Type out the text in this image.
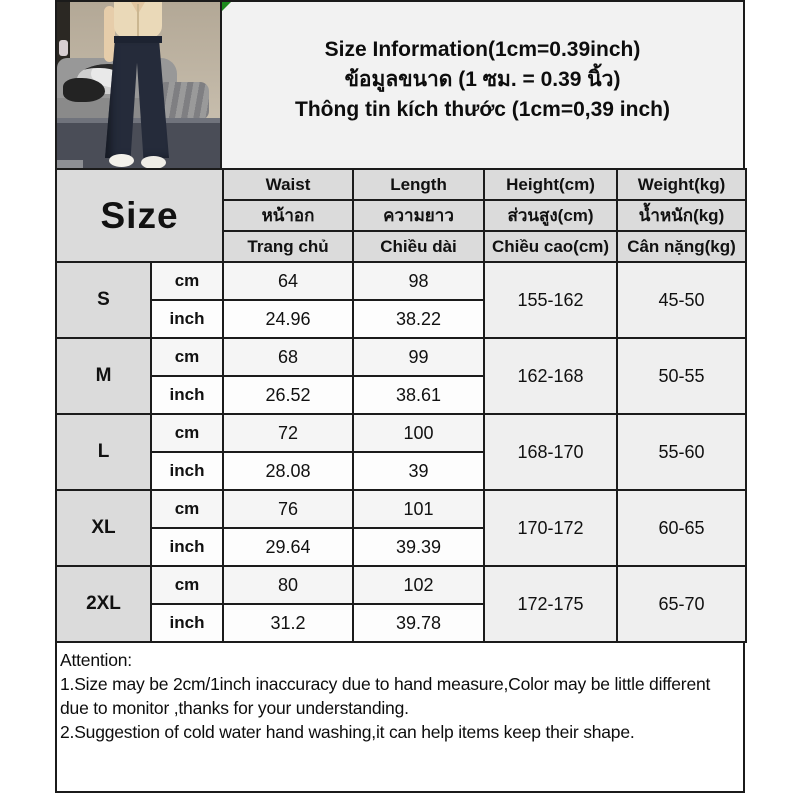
Size Information(1cm=0.39inch)
ข้อมูลขนาด (1 ซม. = 0.39 นิ้ว)
Thông tin kích thước (1cm=0,39 inch)
Size		Waist	Length	Height(cm)	Weight(kg)
		หน้าอก	ความยาว	ส่วนสูง(cm)	น้ำหนัก(kg)
		Trang chủ	Chiều dài	Chiều cao(cm)	Cân nặng(kg)
S	cm	64	98	155-162	45-50
	inch	24.96	38.22		
M	cm	68	99	162-168	50-55
	inch	26.52	38.61		
L	cm	72	100	168-170	55-60
	inch	28.08	39		
XL	cm	76	101	170-172	60-65
	inch	29.64	39.39		
2XL	cm	80	102	172-175	65-70
	inch	31.2	39.78		

Attention:

1.Size may be 2cm/1inch inaccuracy due to hand measure,Color may be little different due to monitor ,thanks for your understanding.

2.Suggestion of cold water hand washing,it can help items keep their shape.
